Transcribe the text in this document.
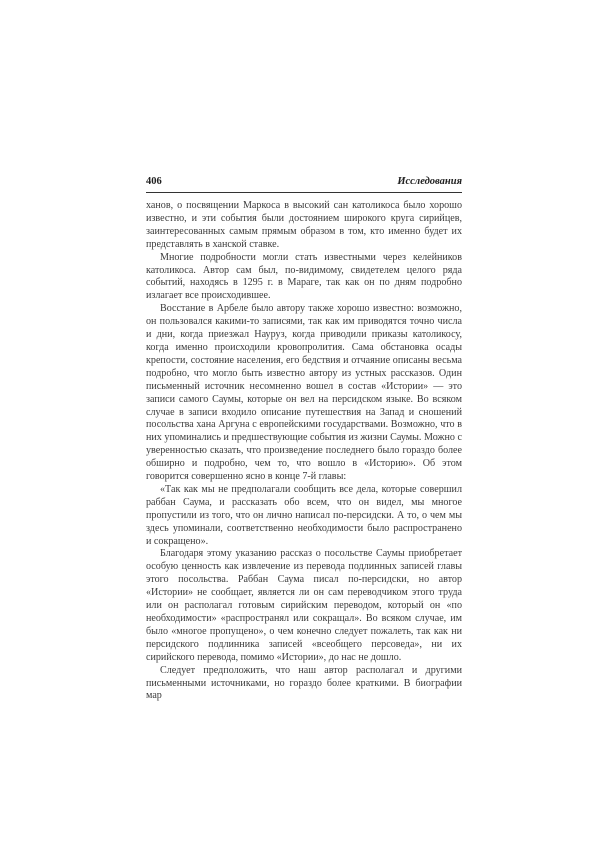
406	Исследования

ханов, о посвящении Маркоса в высокий сан католикоса было хорошо известно, и эти события были достоянием широкого круга сирийцев, заинтересованных самым прямым образом в том, кто именно будет их представлять в ханской ставке.

Многие подробности могли стать известными через келейников католикоса. Автор сам был, по-видимому, свидетелем целого ряда событий, находясь в 1295 г. в Мараге, так как он по дням подробно излагает все происходившее.

Восстание в Арбеле было автору также хорошо известно: возможно, он пользовался какими-то записями, так как им приводятся точно числа и дни, когда приезжал Науруз, когда приводили приказы католикосу, когда именно происходили кровопролития. Сама обстановка осады крепости, состояние населения, его бедствия и отчаяние описаны весьма подробно, что могло быть известно автору из устных рассказов. Один письменный источник несомненно вошел в состав «Истории» — это записи самого Саумы, которые он вел на персидском языке. Во всяком случае в записи входило описание путешествия на Запад и сношений посольства хана Аргуна с европейскими государствами. Возможно, что в них упоминались и предшествующие события из жизни Саумы. Можно с уверенностью сказать, что произведение последнего было гораздо более обширно и подробно, чем то, что вошло в «Историю». Об этом говорится совершенно ясно в конце 7-й главы:

«Так как мы не предполагали сообщить все дела, которые совершил раббан Саума, и рассказать обо всем, что он видел, мы многое пропустили из того, что он лично написал по-персидски. А то, о чем мы здесь упоминали, соответственно необходимости было распространено и сокращено».

Благодаря этому указанию рассказ о посольстве Саумы приобретает особую ценность как извлечение из перевода подлинных записей главы этого посольства. Раббан Саума писал по-персидски, но автор «Истории» не сообщает, является ли он сам переводчиком этого труда или он располагал готовым сирийским переводом, который он «по необходимости» «распространял или сокращал». Во всяком случае, им было «многое пропущено», о чем конечно следует пожалеть, так как ни персидского подлинника записей «всеобщего персоведа», ни их сирийского перевода, помимо «Истории», до нас не дошло.

Следует предположить, что наш автор располагал и другими письменными источниками, но гораздо более краткими. В биографии мар
